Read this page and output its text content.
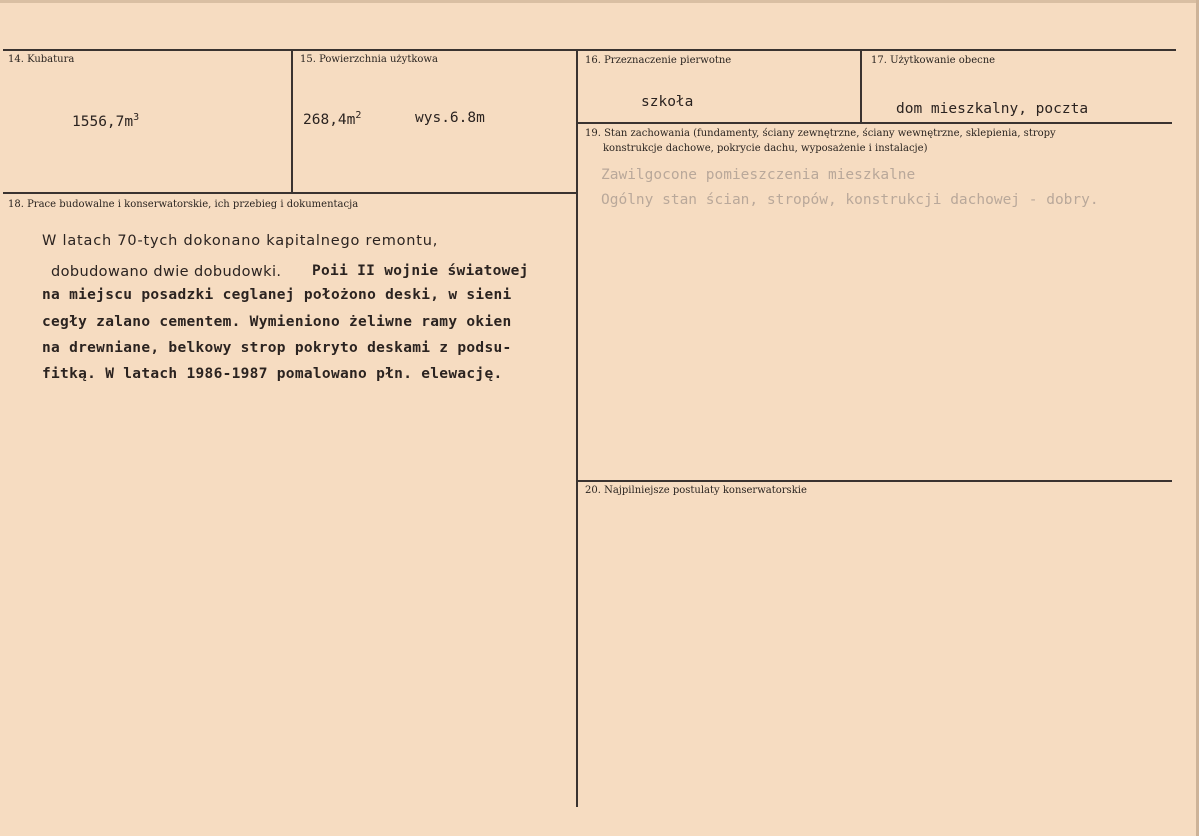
14. Kubatura
$1556,7m^3$
15. Powierzchnia użytkowa
$268,4m^2$	wys.6.8m
16. Przeznaczenie pierwotne
szkoła
17. Użytkowanie obecne
dom mieszkalny, poczta
19. Stan zachowania (fundamenty, ściany zewnętrzne, ściany wewnętrzne, sklepienia, stropy
konstrukcje dachowe, pokrycie dachu, wyposażenie i instalacje)
Zawilgocone pomieszczenia mieszkalne
Ogólny stan ścian, stropów, konstrukcji dachowej - dobry.
18. Prace budowalne i konserwatorskie, ich przebieg i dokumentacja
W latach 70-tych dokonano kapitalnego remontu,
dobudowano dwie dobudowki. Poii II wojnie światowej
na miejscu posadzki ceglanej położono deski, w sieni
cegły zalano cementem. Wymieniono żeliwne ramy okien
na drewniane, belkowy strop pokryto deskami z podsu-
fitką. W latach 1986-1987 pomalowano płn. elewację.
20. Najpilniejsze postulaty konserwatorskie
